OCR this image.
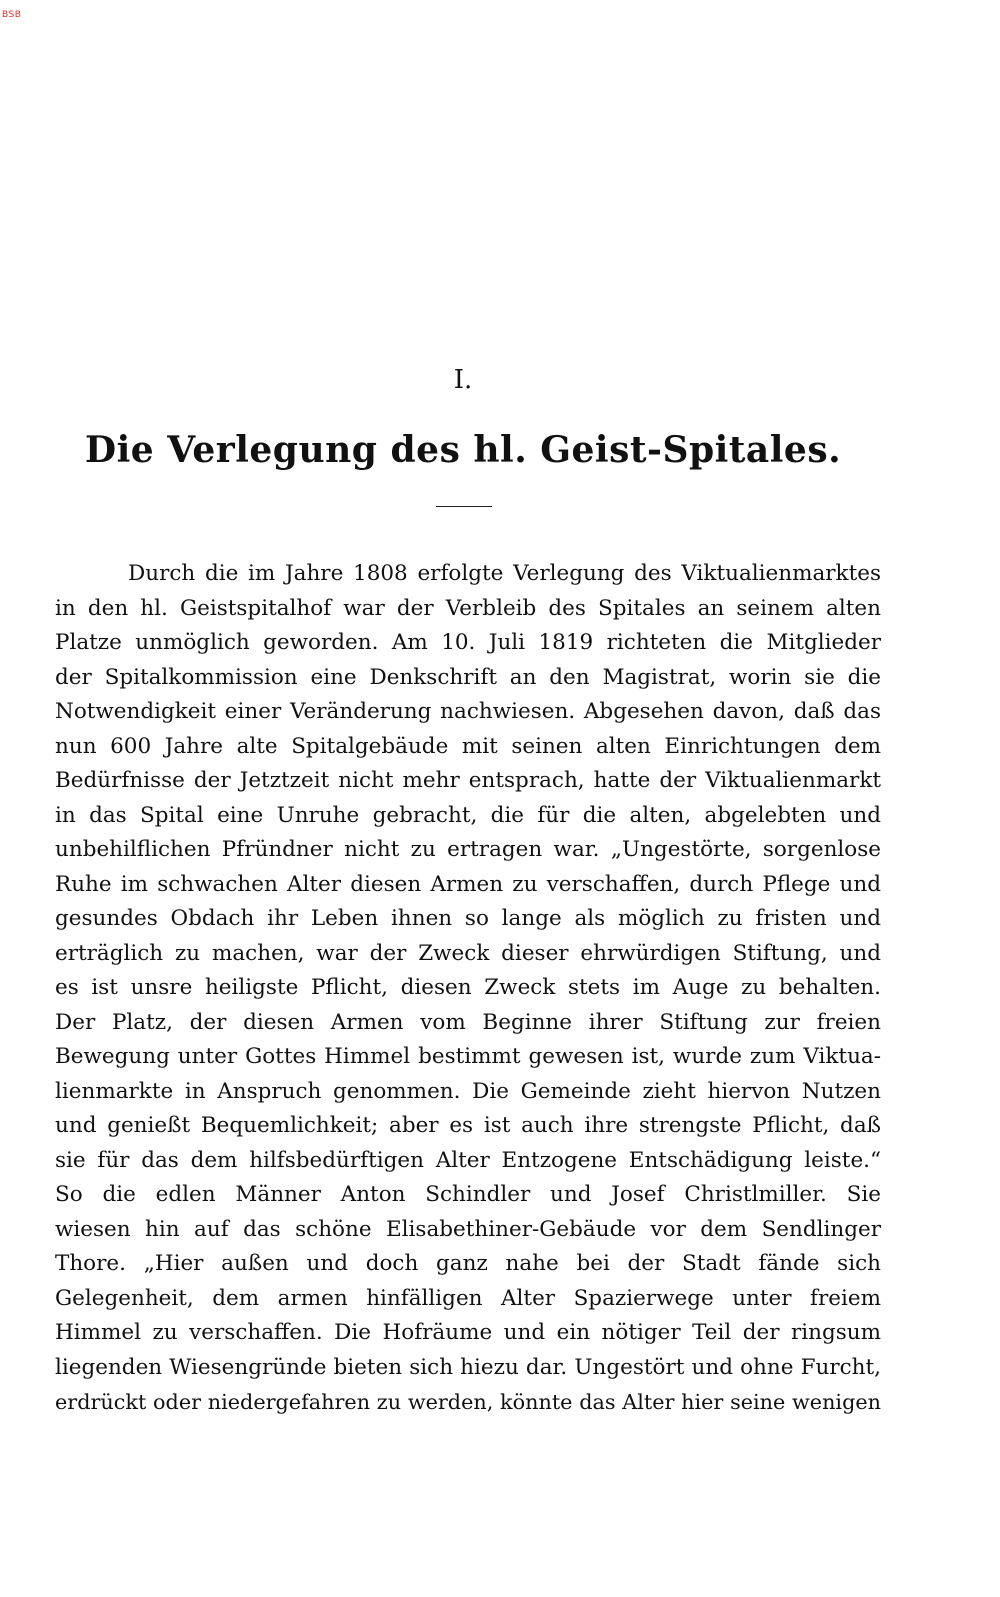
BSB
I.
Die Verlegung des hl. Geist-Spitales.
Durch die im Jahre 1808 erfolgte Verlegung des Viktualienmarktes
in den hl. Geistspitalhof war der Verbleib des Spitales an seinem alten
Platze unmöglich geworden. Am 10. Juli 1819 richteten die Mitglieder
der Spitalkommission eine Denkschrift an den Magistrat, worin sie die
Notwendigkeit einer Veränderung nachwiesen. Abgesehen davon, daß das
nun 600 Jahre alte Spitalgebäude mit seinen alten Einrichtungen dem
Bedürfnisse der Jetztzeit nicht mehr entsprach, hatte der Viktualienmarkt
in das Spital eine Unruhe gebracht, die für die alten, abgelebten und
unbehilflichen Pfründner nicht zu ertragen war. „Ungestörte, sorgenlose
Ruhe im schwachen Alter diesen Armen zu verschaffen, durch Pflege und
gesundes Obdach ihr Leben ihnen so lange als möglich zu fristen und
erträglich zu machen, war der Zweck dieser ehrwürdigen Stiftung, und
es ist unsre heiligste Pflicht, diesen Zweck stets im Auge zu behalten.
Der Platz, der diesen Armen vom Beginne ihrer Stiftung zur freien
Bewegung unter Gottes Himmel bestimmt gewesen ist, wurde zum Viktua-
lienmarkte in Anspruch genommen. Die Gemeinde zieht hiervon Nutzen
und genießt Bequemlichkeit; aber es ist auch ihre strengste Pflicht, daß
sie für das dem hilfsbedürftigen Alter Entzogene Entschädigung leiste.“
So die edlen Männer Anton Schindler und Josef Christlmiller. Sie
wiesen hin auf das schöne Elisabethiner-Gebäude vor dem Sendlinger
Thore. „Hier außen und doch ganz nahe bei der Stadt fände sich
Gelegenheit, dem armen hinfälligen Alter Spazierwege unter freiem
Himmel zu verschaffen. Die Hofräume und ein nötiger Teil der ringsum
liegenden Wiesengründe bieten sich hiezu dar. Ungestört und ohne Furcht,
erdrückt oder niedergefahren zu werden, könnte das Alter hier seine wenigen
